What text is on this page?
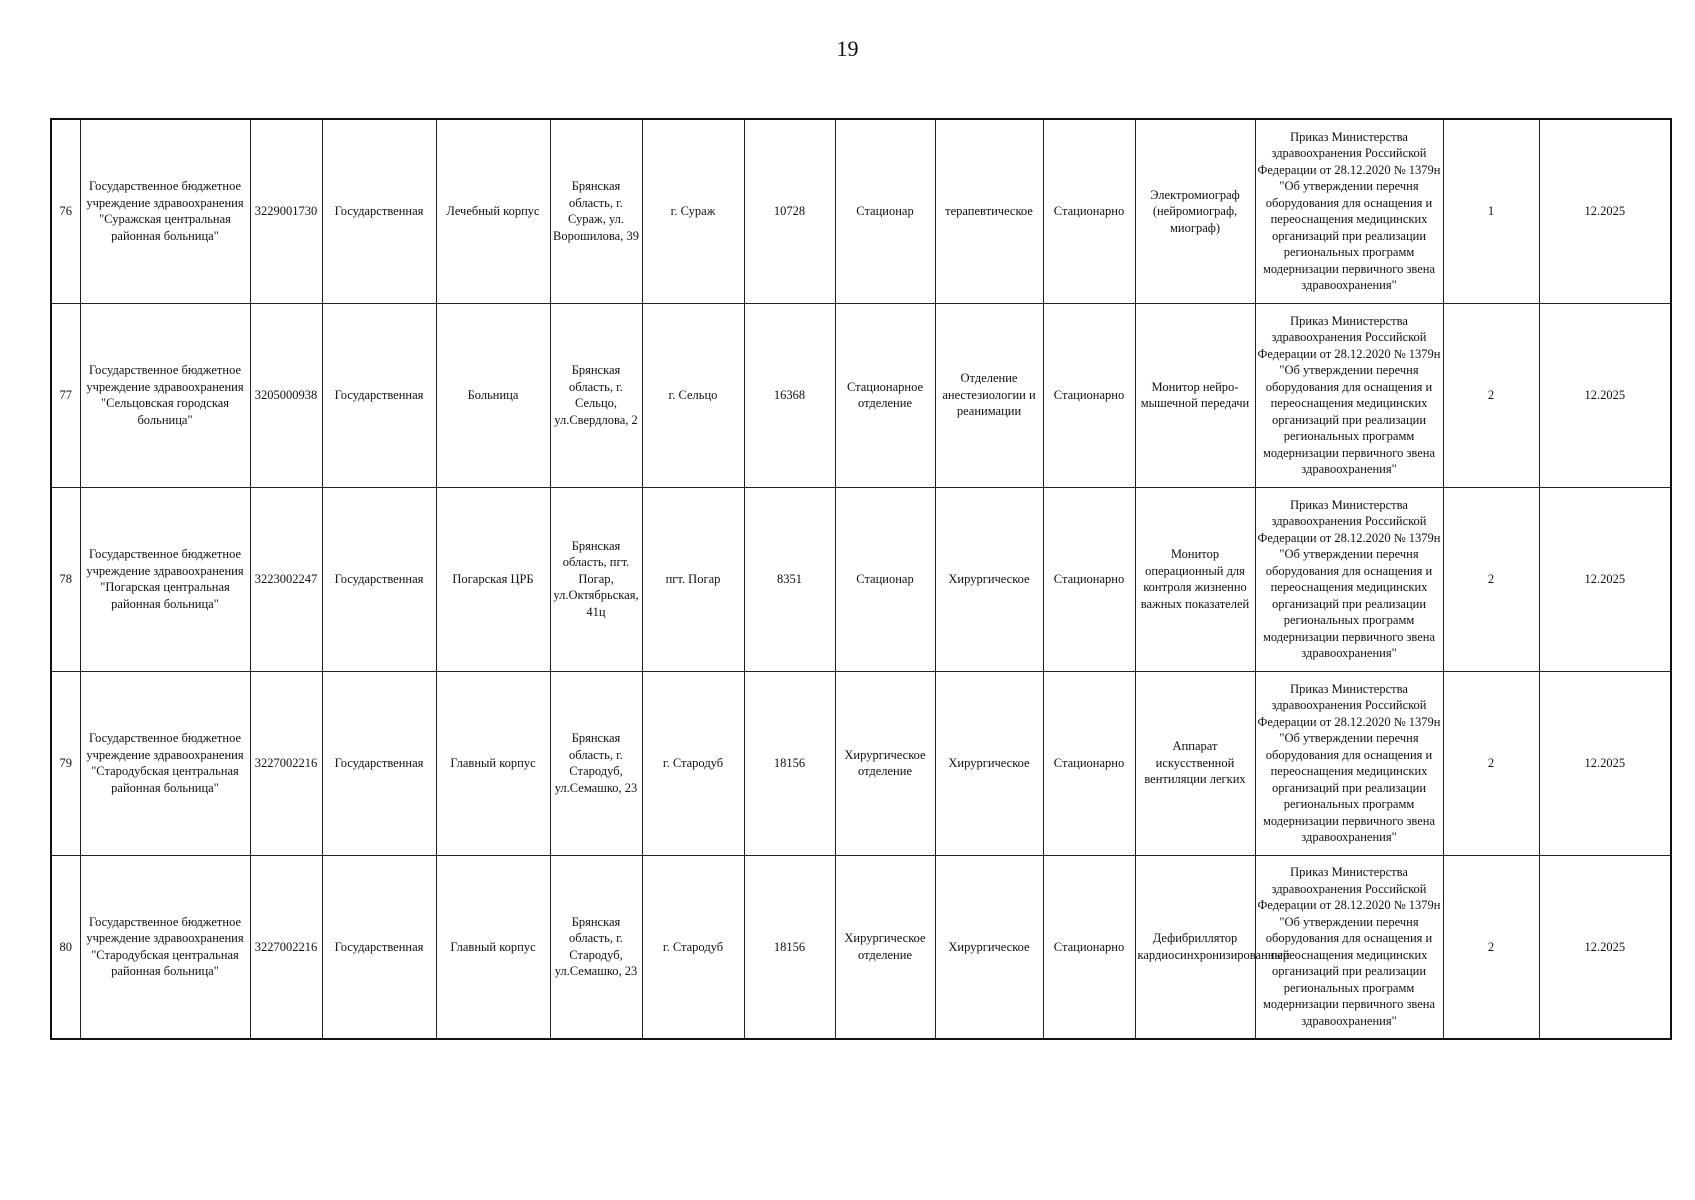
19
76	Государственное бюджетное учреждение здравоохранения "Суражская центральная районная больница"	3229001730	Государственная	Лечебный корпус	Брянская область, г. Сураж, ул. Ворошилова, 39	г. Сураж	10728	Стационар	терапевтическое	Стационарно	Электромиограф (нейромиограф, миограф)	Приказ Министерства здравоохранения Российской Федерации от 28.12.2020 № 1379н "Об утверждении перечня оборудования для оснащения и переоснащения медицинских организаций при реализации региональных программ модернизации первичного звена здравоохранения"	1	12.2025
77	Государственное бюджетное учреждение здравоохранения "Сельцовская городская больница"	3205000938	Государственная	Больница	Брянская область, г. Сельцо, ул.Свердлова, 2	г. Сельцо	16368	Стационарное отделение	Отделение анестезиологии и реанимации	Стационарно	Монитор нейро-мышечной передачи	Приказ Министерства здравоохранения Российской Федерации от 28.12.2020 № 1379н "Об утверждении перечня оборудования для оснащения и переоснащения медицинских организаций при реализации региональных программ модернизации первичного звена здравоохранения"	2	12.2025
78	Государственное бюджетное учреждение здравоохранения "Погарская центральная районная больница"	3223002247	Государственная	Погарская ЦРБ	Брянская область, пгт. Погар, ул.Октябрьская, 41ц	пгт. Погар	8351	Стационар	Хирургическое	Стационарно	Монитор операционный для контроля жизненно важных показателей	Приказ Министерства здравоохранения Российской Федерации от 28.12.2020 № 1379н "Об утверждении перечня оборудования для оснащения и переоснащения медицинских организаций при реализации региональных программ модернизации первичного звена здравоохранения"	2	12.2025
79	Государственное бюджетное учреждение здравоохранения "Стародубская центральная районная больница"	3227002216	Государственная	Главный корпус	Брянская область, г. Стародуб, ул.Семашко, 23	г. Стародуб	18156	Хирургическое отделение	Хирургическое	Стационарно	Аппарат искусственной вентиляции легких	Приказ Министерства здравоохранения Российской Федерации от 28.12.2020 № 1379н "Об утверждении перечня оборудования для оснащения и переоснащения медицинских организаций при реализации региональных программ модернизации первичного звена здравоохранения"	2	12.2025
80	Государственное бюджетное учреждение здравоохранения "Стародубская центральная районная больница"	3227002216	Государственная	Главный корпус	Брянская область, г. Стародуб, ул.Семашко, 23	г. Стародуб	18156	Хирургическое отделение	Хирургическое	Стационарно	Дефибриллятор кардиосинхронизированный	Приказ Министерства здравоохранения Российской Федерации от 28.12.2020 № 1379н "Об утверждении перечня оборудования для оснащения и переоснащения медицинских организаций при реализации региональных программ модернизации первичного звена здравоохранения"	2	12.2025
